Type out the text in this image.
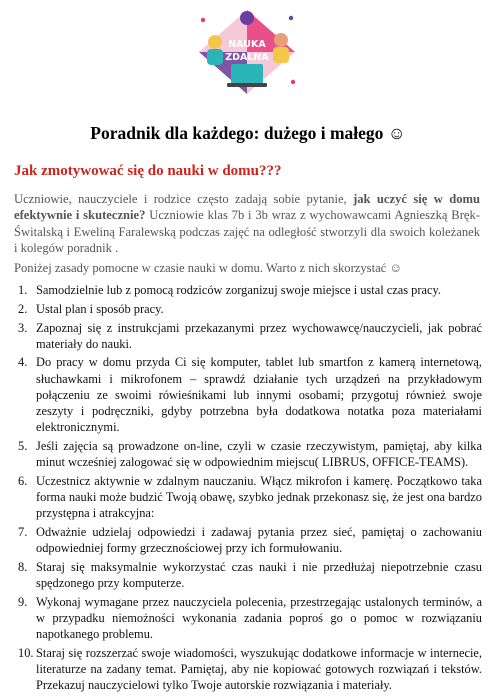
NAUKA
ZDALNA
Poradnik dla każdego: dużego i małego ☺
Jak zmotywować się do nauki w domu???

Uczniowie, nauczyciele i rodzice często zadają sobie pytanie, jak uczyć się w domu efektywnie i skutecznie? Uczniowie klas 7b i 3b wraz z wychowawcami Agnieszką Bręk-Świtalską i Eweliną Faralewską podczas zajęć na odległość stworzyli dla swoich koleżanek i kolegów poradnik .

Poniżej zasady pomocne w czasie nauki w domu. Warto z nich skorzystać ☺

1. Samodzielnie lub z pomocą rodziców zorganizuj swoje miejsce i ustal czas pracy.
2. Ustal plan i sposób pracy.
3. Zapoznaj się z instrukcjami przekazanymi przez wychowawcę/nauczycieli, jak pobrać materiały do nauki.
4. Do pracy w domu przyda Ci się komputer, tablet lub smartfon z kamerą internetową, słuchawkami i mikrofonem – sprawdź działanie tych urządzeń na przykładowym połączeniu ze swoimi rówieśnikami lub innymi osobami; przygotuj również swoje zeszyty i podręczniki, gdyby potrzebna była dodatkowa notatka poza materiałami elektronicznymi.
5. Jeśli zajęcia są prowadzone on-line, czyli w czasie rzeczywistym, pamiętaj, aby kilka minut wcześniej zalogować się w odpowiednim miejscu( LIBRUS, OFFICE-TEAMS).
6. Uczestnicz aktywnie w zdalnym nauczaniu. Włącz mikrofon i kamerę. Początkowo taka forma nauki może budzić Twoją obawę, szybko jednak przekonasz się, że jest ona bardzo przystępna i atrakcyjna:
7. Odważnie udzielaj odpowiedzi i zadawaj pytania przez sieć, pamiętaj o zachowaniu odpowiedniej formy grzecznościowej przy ich formułowaniu.
8. Staraj się maksymalnie wykorzystać czas nauki i nie przedłużaj niepotrzebnie czasu spędzonego przy komputerze.
9. Wykonaj wymagane przez nauczyciela polecenia, przestrzegając ustalonych terminów, a w przypadku niemożności wykonania zadania poproś go o pomoc w rozwiązaniu napotkanego problemu.
10. Staraj się rozszerzać swoje wiadomości, wyszukując dodatkowe informacje w internecie, literaturze na zadany temat. Pamiętaj, aby nie kopiować gotowych rozwiązań i tekstów. Przekazuj nauczycielowi tylko Twoje autorskie rozwiązania i materiały.
